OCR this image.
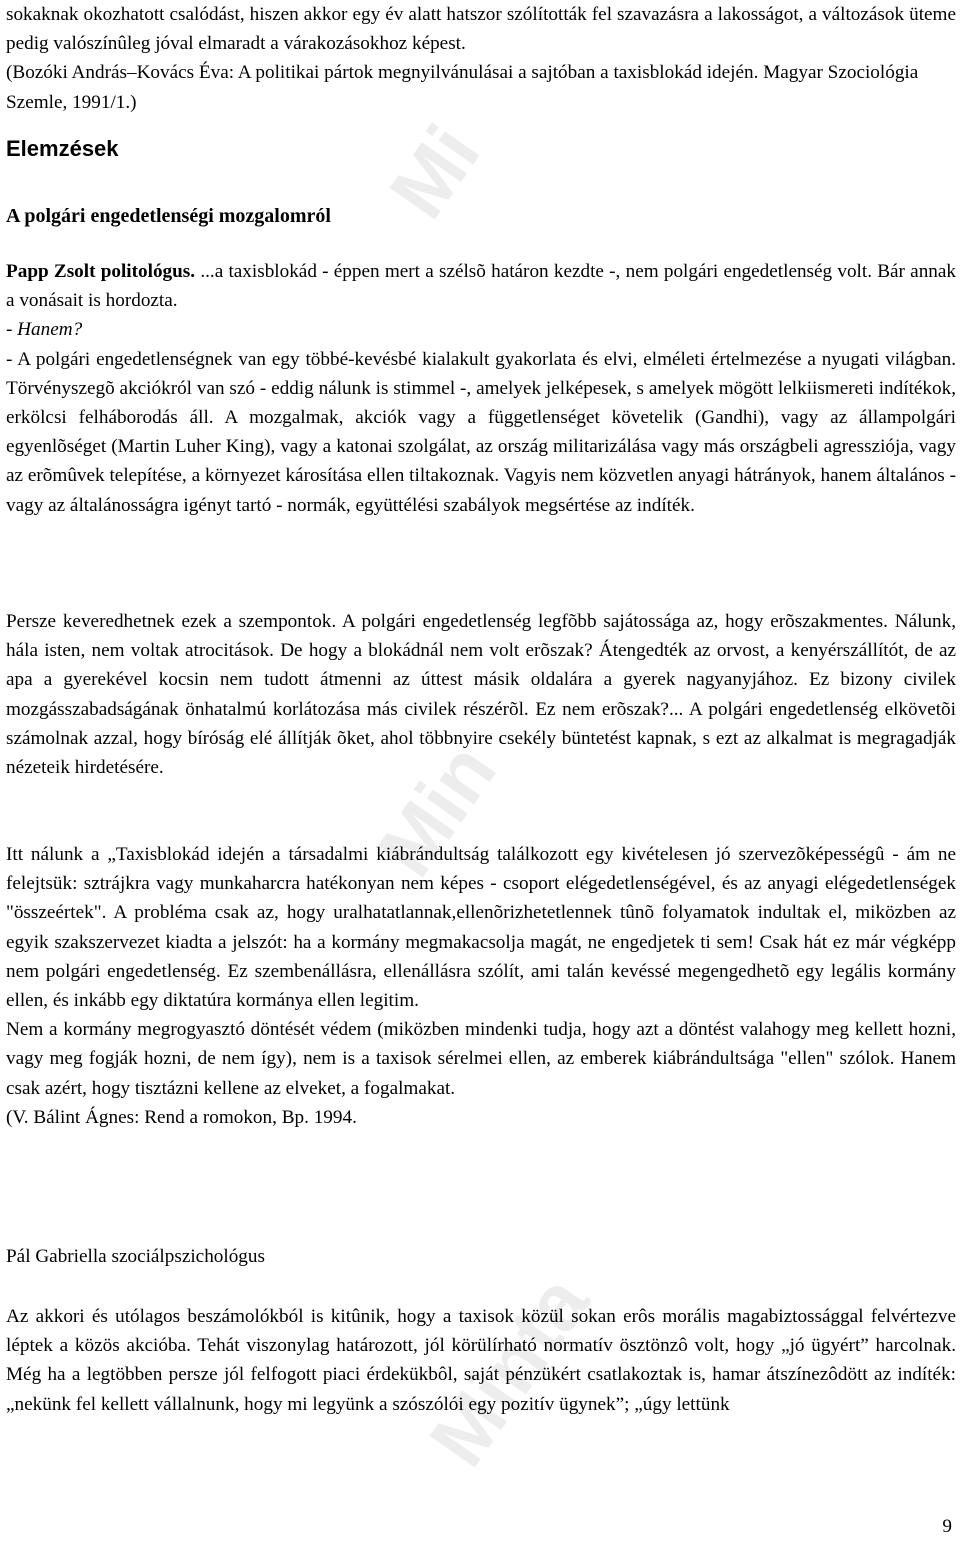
sokaknak okozhatott csalódást, hiszen akkor egy év alatt hatszor szólították fel szavazásra a lakosságot, a változások üteme pedig valószínûleg jóval elmaradt a várakozásokhoz képest.

(Bozóki András–Kovács Éva: A politikai pártok megnyilvánulásai a sajtóban a taxisblokád idején. Magyar Szociológia Szemle, 1991/1.)

Elemzések
A polgári engedetlenségi mozgalomról

Papp Zsolt politológus. ...a taxisblokád - éppen mert a szélsõ határon kezdte -, nem polgári engedetlenség volt. Bár annak a vonásait is hordozta.

- Hanem?

- A polgári engedetlenségnek van egy többé-kevésbé kialakult gyakorlata és elvi, elméleti értelmezése a nyugati világban. Törvényszegõ akciókról van szó - eddig nálunk is stimmel -, amelyek jelképesek, s amelyek mögött lelkiismereti indítékok, erkölcsi felháborodás áll. A mozgalmak, akciók vagy a függetlenséget követelik (Gandhi), vagy az állampolgári egyenlõséget (Martin Luher King), vagy a katonai szolgálat, az ország militarizálása vagy más országbeli agressziója, vagy az erõmûvek telepítése, a környezet károsítása ellen tiltakoznak. Vagyis nem közvetlen anyagi hátrányok, hanem általános - vagy az általánosságra igényt tartó - normák, együttélési szabályok megsértése az indíték.

Persze keveredhetnek ezek a szempontok. A polgári engedetlenség legfõbb sajátossága az, hogy erõszakmentes. Nálunk, hála isten, nem voltak atrocitások. De hogy a blokádnál nem volt erõszak? Átengedték az orvost, a kenyérszállítót, de az apa a gyerekével kocsin nem tudott átmenni az úttest másik oldalára a gyerek nagyanyjához. Ez bizony civilek mozgásszabadságának önhatalmú korlátozása más civilek részérõl. Ez nem erõszak?... A polgári engedetlenség elkövetõi számolnak azzal, hogy bíróság elé állítják õket, ahol többnyire csekély büntetést kapnak, s ezt az alkalmat is megragadják nézeteik hirdetésére.

Itt nálunk a „Taxisblokád idején a társadalmi kiábrándultság találkozott egy kivételesen jó szervezõképességû - ám ne felejtsük: sztrájkra vagy munkaharcra hatékonyan nem képes - csoport elégedetlenségével, és az anyagi elégedetlenségek "összeértek". A probléma csak az, hogy uralhatatlannak,ellenõrizhetetlennek tûnõ folyamatok indultak el, miközben az egyik szakszervezet kiadta a jelszót: ha a kormány megmakacsolja magát, ne engedjetek ti sem! Csak hát ez már végképp nem polgári engedetlenség. Ez szembenállásra, ellenállásra szólít, ami talán kevéssé megengedhetõ egy legális kormány ellen, és inkább egy diktatúra kormánya ellen legitim.

Nem a kormány megrogyasztó döntését védem (miközben mindenki tudja, hogy azt a döntést valahogy meg kellett hozni, vagy meg fogják hozni, de nem így), nem is a taxisok sérelmei ellen, az emberek kiábrándultsága "ellen" szólok. Hanem csak azért, hogy tisztázni kellene az elveket, a fogalmakat.

(V. Bálint Ágnes: Rend a romokon, Bp. 1994.

Pál Gabriella szociálpszichológus

Az akkori és utólagos beszámolókból is kitûnik, hogy a taxisok közül sokan erôs morális magabiztossággal felvértezve léptek a közös akcióba. Tehát viszonylag határozott, jól körülírható normatív ösztönzô volt, hogy „jó ügyért” harcolnak. Még ha a legtöbben persze jól felfogott piaci érdekükbôl, saját pénzükért csatlakoztak is, hamar átszínezôdött az indíték: „nekünk fel kellett vállalnunk, hogy mi legyünk a szószólói egy pozitív ügynek”; „úgy lettünk

9
Mi
Min
Minta
